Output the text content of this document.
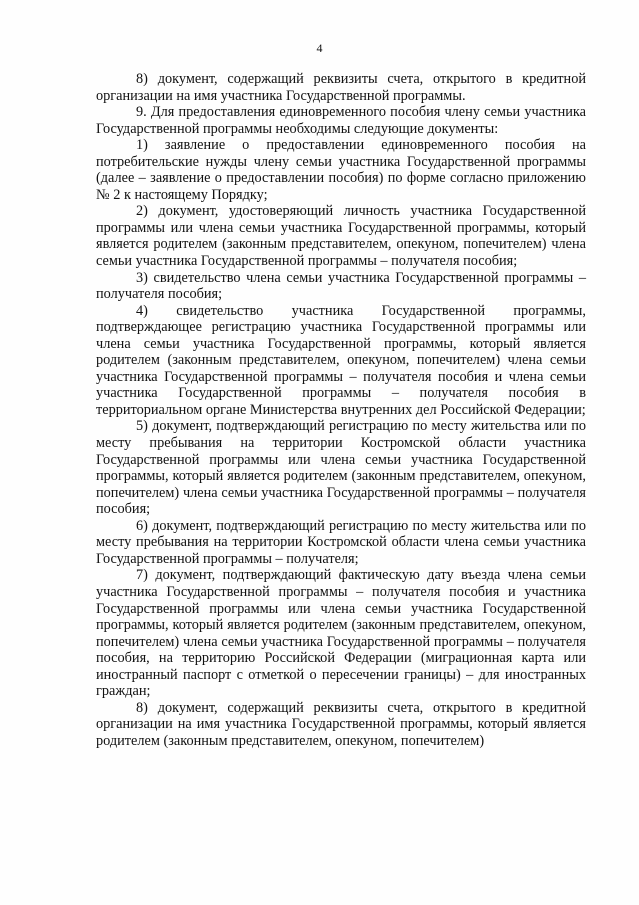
4

8) документ, содержащий реквизиты счета, открытого в кредитной организации на имя участника Государственной программы.

9. Для предоставления единовременного пособия члену семьи участника Государственной программы необходимы следующие документы:

1) заявление о предоставлении единовременного пособия на потребительские нужды члену семьи участника Государственной программы (далее – заявление о предоставлении пособия) по форме согласно приложению № 2 к настоящему Порядку;

2) документ, удостоверяющий личность участника Государственной программы или члена семьи участника Государственной программы, который является родителем (законным представителем, опекуном, попечителем) члена семьи участника Государственной программы – получателя пособия;

3) свидетельство члена семьи участника Государственной программы – получателя пособия;

4) свидетельство участника Государственной программы, подтверждающее регистрацию участника Государственной программы или члена семьи участника Государственной программы, который является родителем (законным представителем, опекуном, попечителем) члена семьи участника Государственной программы – получателя пособия и члена семьи участника Государственной программы – получателя пособия в территориальном органе Министерства внутренних дел Российской Федерации;

5) документ, подтверждающий регистрацию по месту жительства или по месту пребывания на территории Костромской области участника Государственной программы или члена семьи участника Государственной программы, который является родителем (законным представителем, опекуном, попечителем) члена семьи участника Государственной программы – получателя пособия;

6) документ, подтверждающий регистрацию по месту жительства или по месту пребывания на территории Костромской области члена семьи участника Государственной программы – получателя;

7) документ, подтверждающий фактическую дату въезда члена семьи участника Государственной программы – получателя пособия и участника Государственной программы или члена семьи участника Государственной программы, который является родителем (законным представителем, опекуном, попечителем) члена семьи участника Государственной программы – получателя пособия, на территорию Российской Федерации (миграционная карта или иностранный паспорт с отметкой о пересечении границы) – для иностранных граждан;

8) документ, содержащий реквизиты счета, открытого в кредитной организации на имя участника Государственной программы, который является родителем (законным представителем, опекуном, попечителем)
